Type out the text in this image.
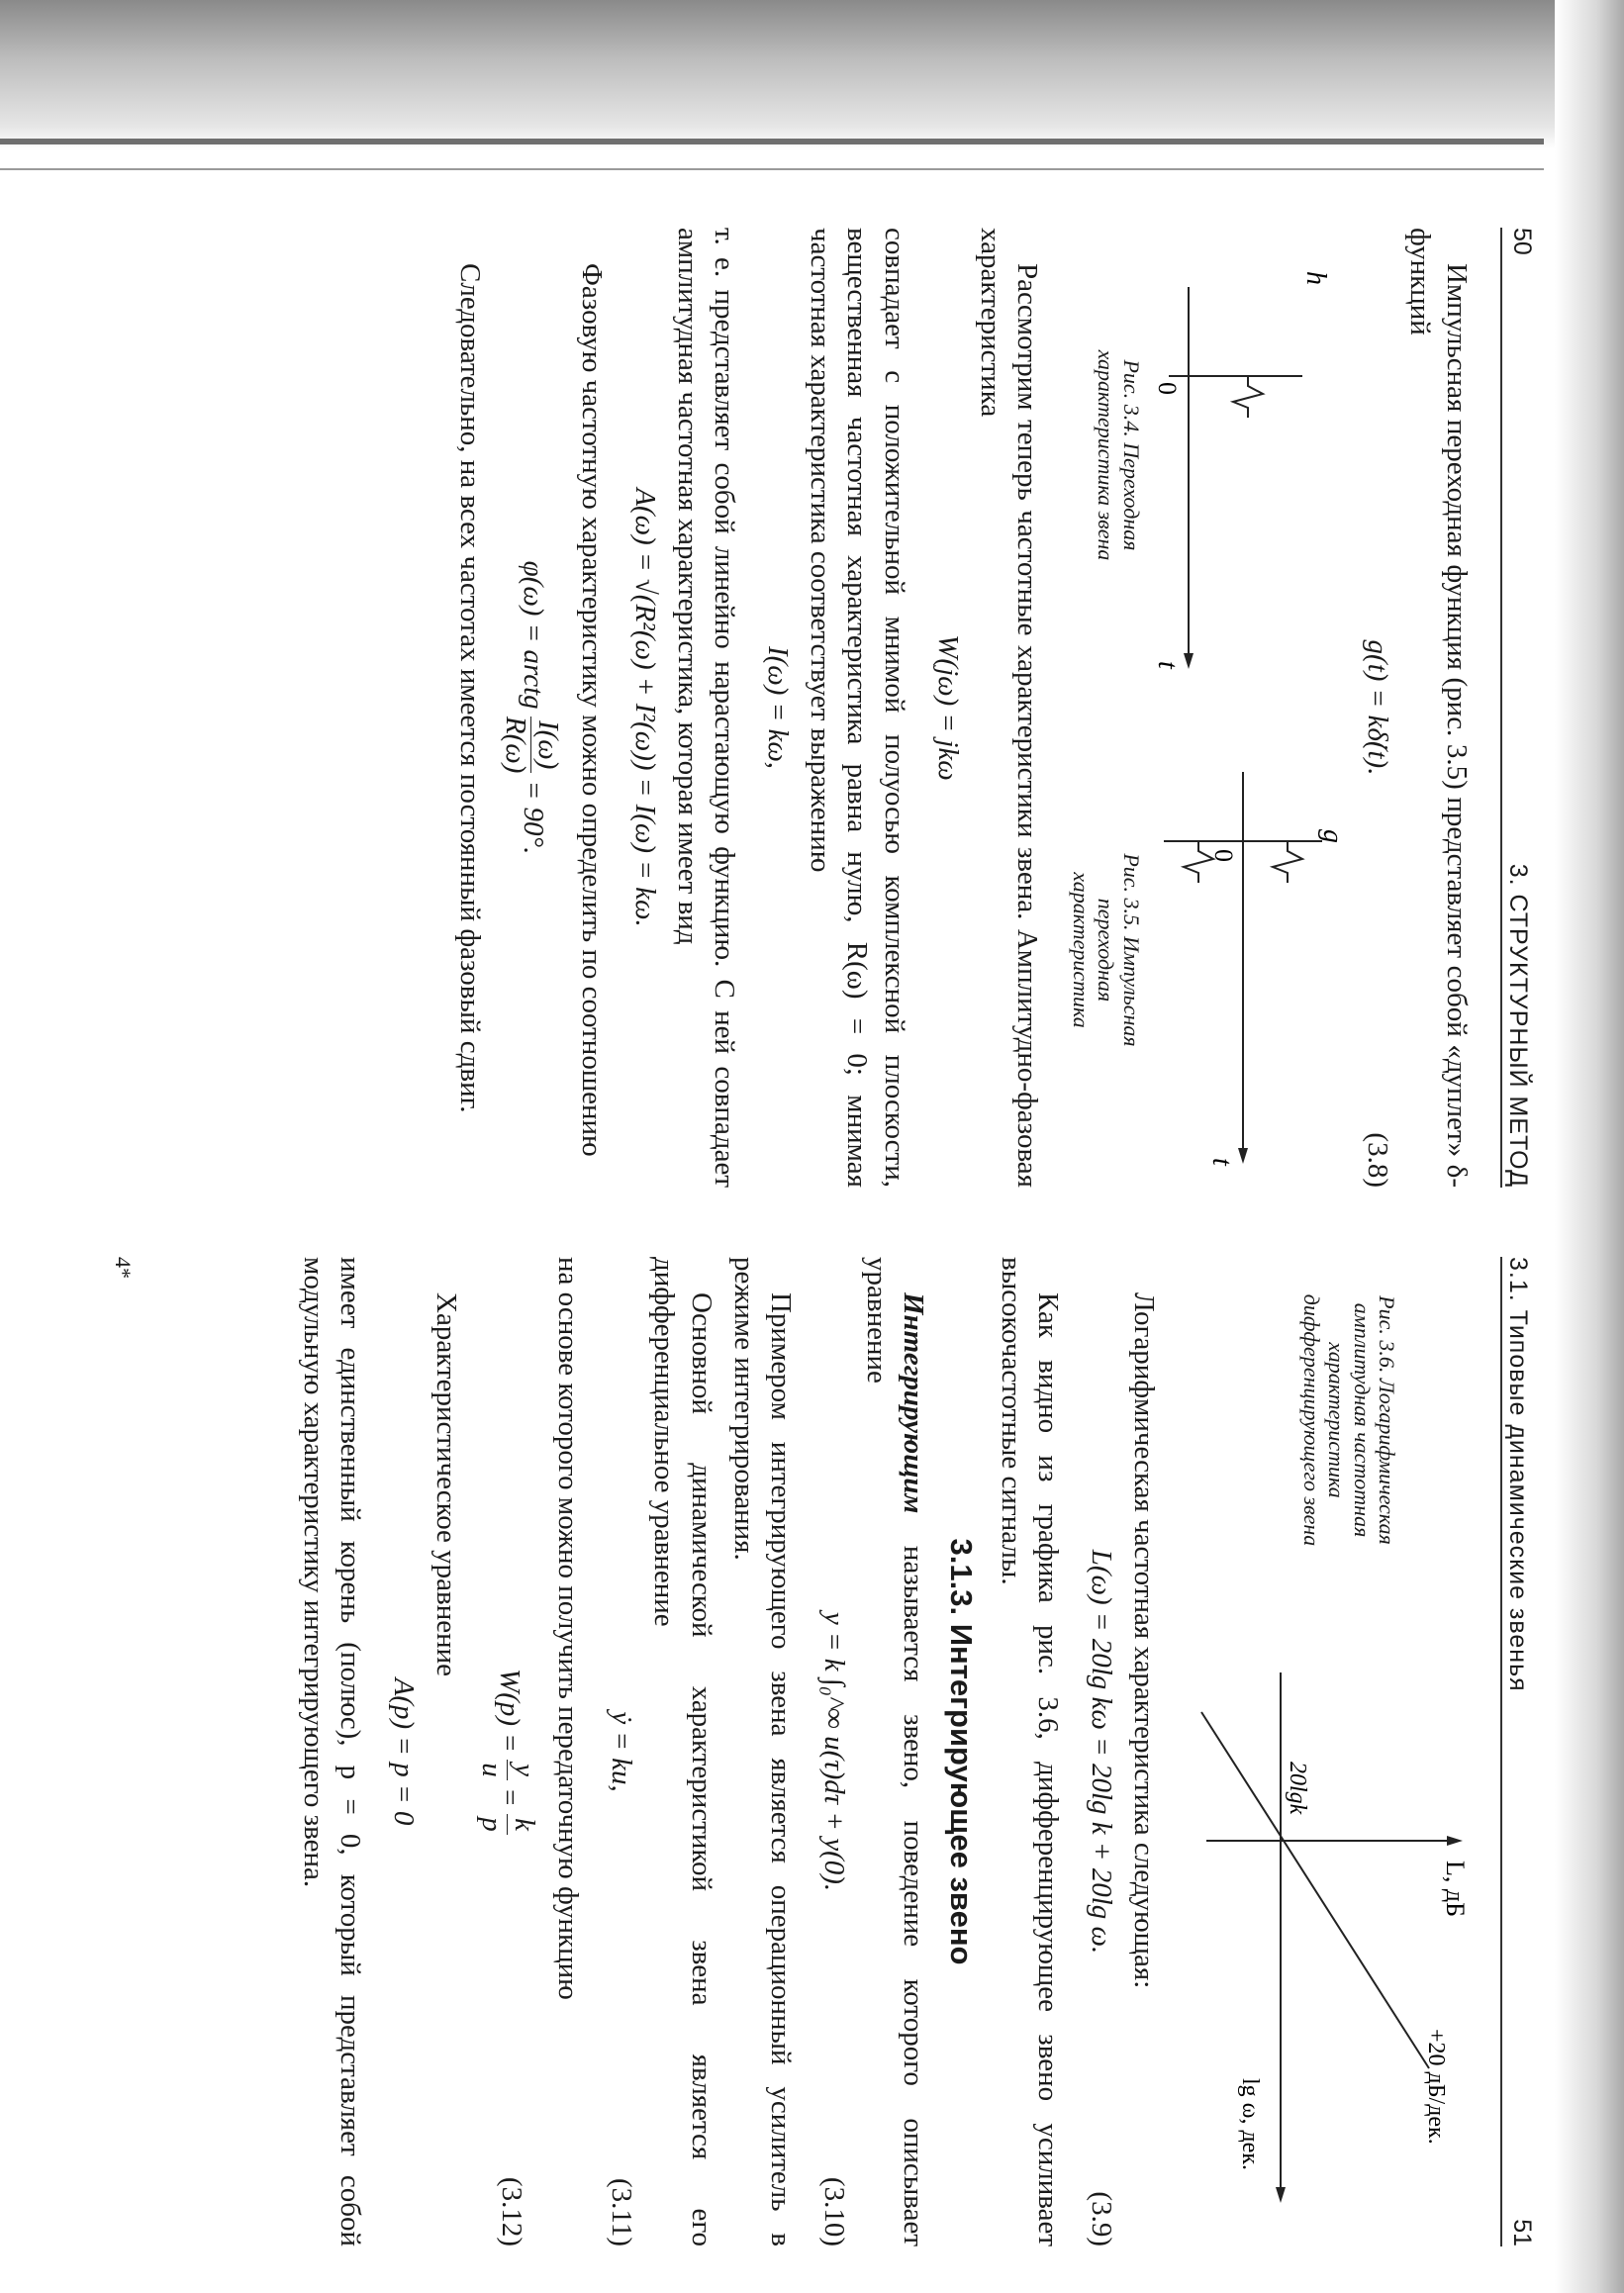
50
3. СТРУКТУРНЫЙ МЕТОД

Импульсная переходная функция (рис. 3.5) представляет собой «дуплет» δ-функций

g(t) = kδ̇(t).
(3.8)
h
t
0
Рис. 3.4. Переходная характеристика звена
g
t
0
Рис. 3.5. Импульсная переходная характеристика

Рассмотрим теперь частотные характеристики звена. Амплитудно-фазовая характеристика

W(jω) = jkω

совпадает с положительной мнимой полуосью комплексной плоскости, вещественная частотная характеристика равна нулю, R(ω) = 0; мнимая частотная характеристика соответствует выражению

I(ω) = kω,

т. е. представляет собой линейно нарастающую функцию. С ней совпадает амплитудная частотная характеристика, которая имеет вид

A(ω) = √(R²(ω) + I²(ω)) = I(ω) = kω.

Фазовую частотную характеристику можно определить по соотношению

φ(ω) = arctg
I(ω)
R(ω)
= 90°.

Следовательно, на всех частотах имеется постоянный фазовый сдвиг.

3.1. Типовые динамические звенья
51
Рис. 3.6. Логарифмическая амплитудная частотная характеристика дифференцирующего звена
L, дБ
+20 дБ/дек.
20lgk
lg ω, дек.

Логарифмическая частотная характеристика следующая:

L(ω) = 20lg kω = 20lg k + 20lg ω.
(3.9)

Как видно из графика рис. 3.6, дифференцирующее звено усиливает высокочастотные сигналы.

3.1.3. Интегрирующее звено

Интегрирующим называется звено, поведение которого описывает уравнение

y = k ∫₀^∞ u(τ)dτ + y(0).
(3.10)

Примером интегрирующего звена является операционный усилитель в режиме интегрирования.

Основной динамической характеристикой звена является его дифференциальное уравнение

ẏ = ku,
(3.11)

на основе которого можно получить передаточную функцию

W(p) =
y
u
=
k
p
(3.12)

Характеристическое уравнение

A(p) = p = 0

имеет единственный корень (полюс), p = 0, который представляет собой модульную характеристику интегрирующего звена.

4*
